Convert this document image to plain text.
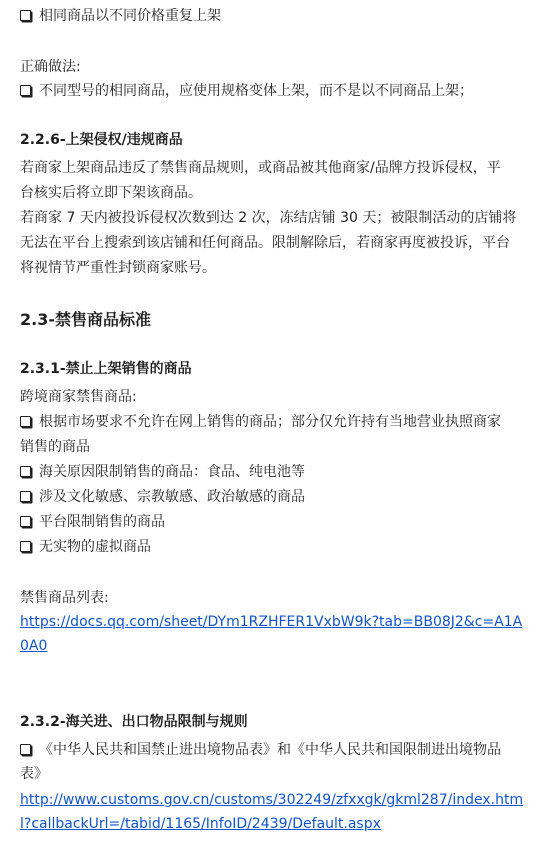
相同商品以不同价格重复上架
正确做法:
不同型号的相同商品，应使用规格变体上架，而不是以不同商品上架；
2.2.6-上架侵权/违规商品
若商家上架商品违反了禁售商品规则，或商品被其他商家/品牌方投诉侵权，平
台核实后将立即下架该商品。
若商家 7 天内被投诉侵权次数到达 2 次，冻结店铺 30 天；被限制活动的店铺将
无法在平台上搜索到该店铺和任何商品。限制解除后，若商家再度被投诉，平台
将视情节严重性封锁商家账号。
2.3-禁售商品标准
2.3.1-禁止上架销售的商品
跨境商家禁售商品:
根据市场要求不允许在网上销售的商品；部分仅允许持有当地营业执照商家
销售的商品
海关原因限制销售的商品：食品、纯电池等
涉及文化敏感、宗教敏感、政治敏感的商品
平台限制销售的商品
无实物的虚拟商品
禁售商品列表:
https://docs.qq.com/sheet/DYm1RZHFER1VxbW9k?tab=BB08J2&c=A1A
0A0
2.3.2-海关进、出口物品限制与规则
《中华人民共和国禁止进出境物品表》和《中华人民共和国限制进出境物品
表》
http://www.customs.gov.cn/customs/302249/zfxxgk/gkml287/index.htm
l?callbackUrl=/tabid/1165/InfoID/2439/Default.aspx
